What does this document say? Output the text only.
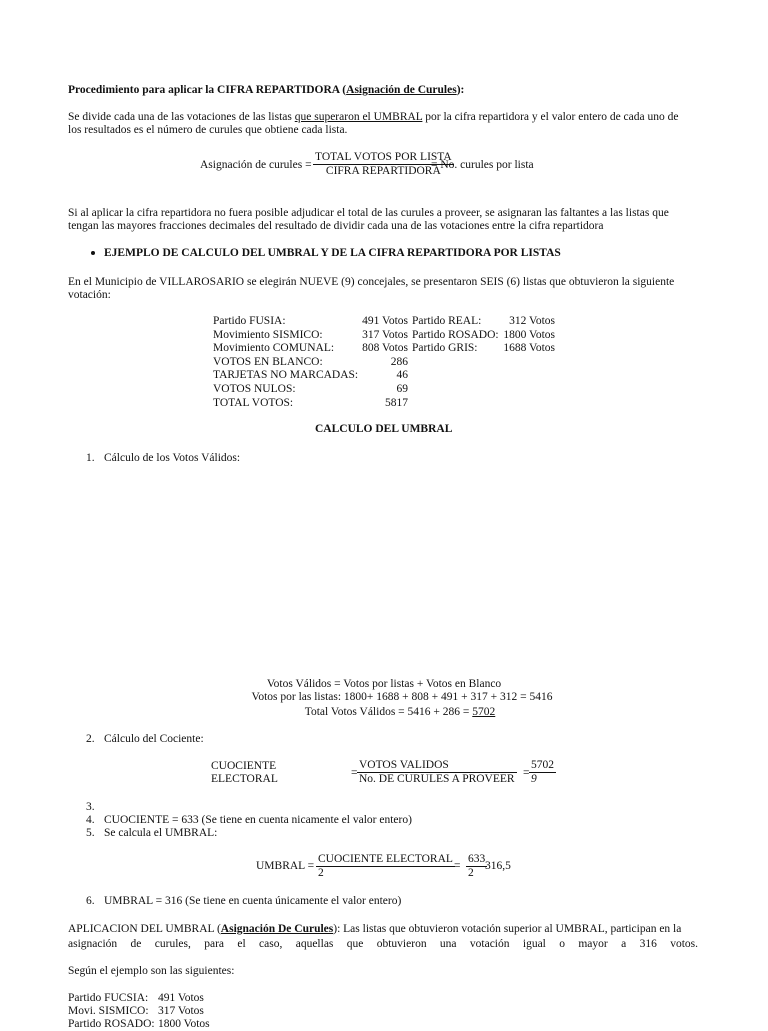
Procedimiento para aplicar la CIFRA REPARTIDORA (Asignación de Curules):
Se divide cada una de las votaciones de las listas que superaron el UMBRAL por la cifra repartidora y el valor entero de cada uno de
los resultados es el número de curules que obtiene cada lista.
Asignación de curules =
TOTAL VOTOS POR LISTA
CIFRA REPARTIDORA
= No. curules por lista
Si al aplicar la cifra repartidora no fuera posible adjudicar el total de las curules a proveer, se asignaran las faltantes a las listas que
tengan las mayores fracciones decimales del resultado de dividir cada una de las votaciones entre la cifra repartidora
EJEMPLO DE CALCULO DEL UMBRAL Y DE LA CIFRA REPARTIDORA POR LISTAS
En el Municipio de VILLAROSARIO se elegirán NUEVE (9) concejales, se presentaron SEIS (6) listas que obtuvieron la siguiente
votación:
Partido FUSIA:
Movimiento SISMICO:
Movimiento COMUNAL:
VOTOS EN BLANCO:
TARJETAS NO MARCADAS:
VOTOS NULOS:
TOTAL VOTOS:
491 Votos
317 Votos
808 Votos
286
46
69
5817
Partido REAL:
Partido ROSADO:
Partido GRIS:
312 Votos
1800 Votos
1688 Votos
CALCULO DEL UMBRAL
1. Cálculo de los Votos Válidos:
Votos Válidos = Votos por listas + Votos en Blanco
Votos por las listas: 1800+ 1688 + 808 + 491 + 317 + 312 = 5416
Total Votos Válidos = 5416 + 286 = 5702
2. Cálculo del Cociente:
CUOCIENTE
ELECTORAL	=
VOTOS VALIDOS
No. DE CURULES A PROVEER = $\frac{5702}{9}$
3.
4. CUOCIENTE = 633 (Se tiene en cuenta nicamente el valor entero)
5. Se calcula el UMBRAL:
UMBRAL =
CUOCIENTE ELECTORAL
2
= $\frac{633}{2}$
316,5
6. UMBRAL = 316 (Se tiene en cuenta únicamente el valor entero)
APLICACION DEL UMBRAL (Asignación De Curules): Las listas que obtuvieron votación superior al UMBRAL, participan en la
asignación de curules, para el caso, aquellas que obtuvieron una votación igual o mayor a 316 votos.
Según el ejemplo son las siguientes:
Partido FUCSIA: 491 Votos
Movi. SISMICO: 317 Votos
Partido ROSADO: 1800 Votos
